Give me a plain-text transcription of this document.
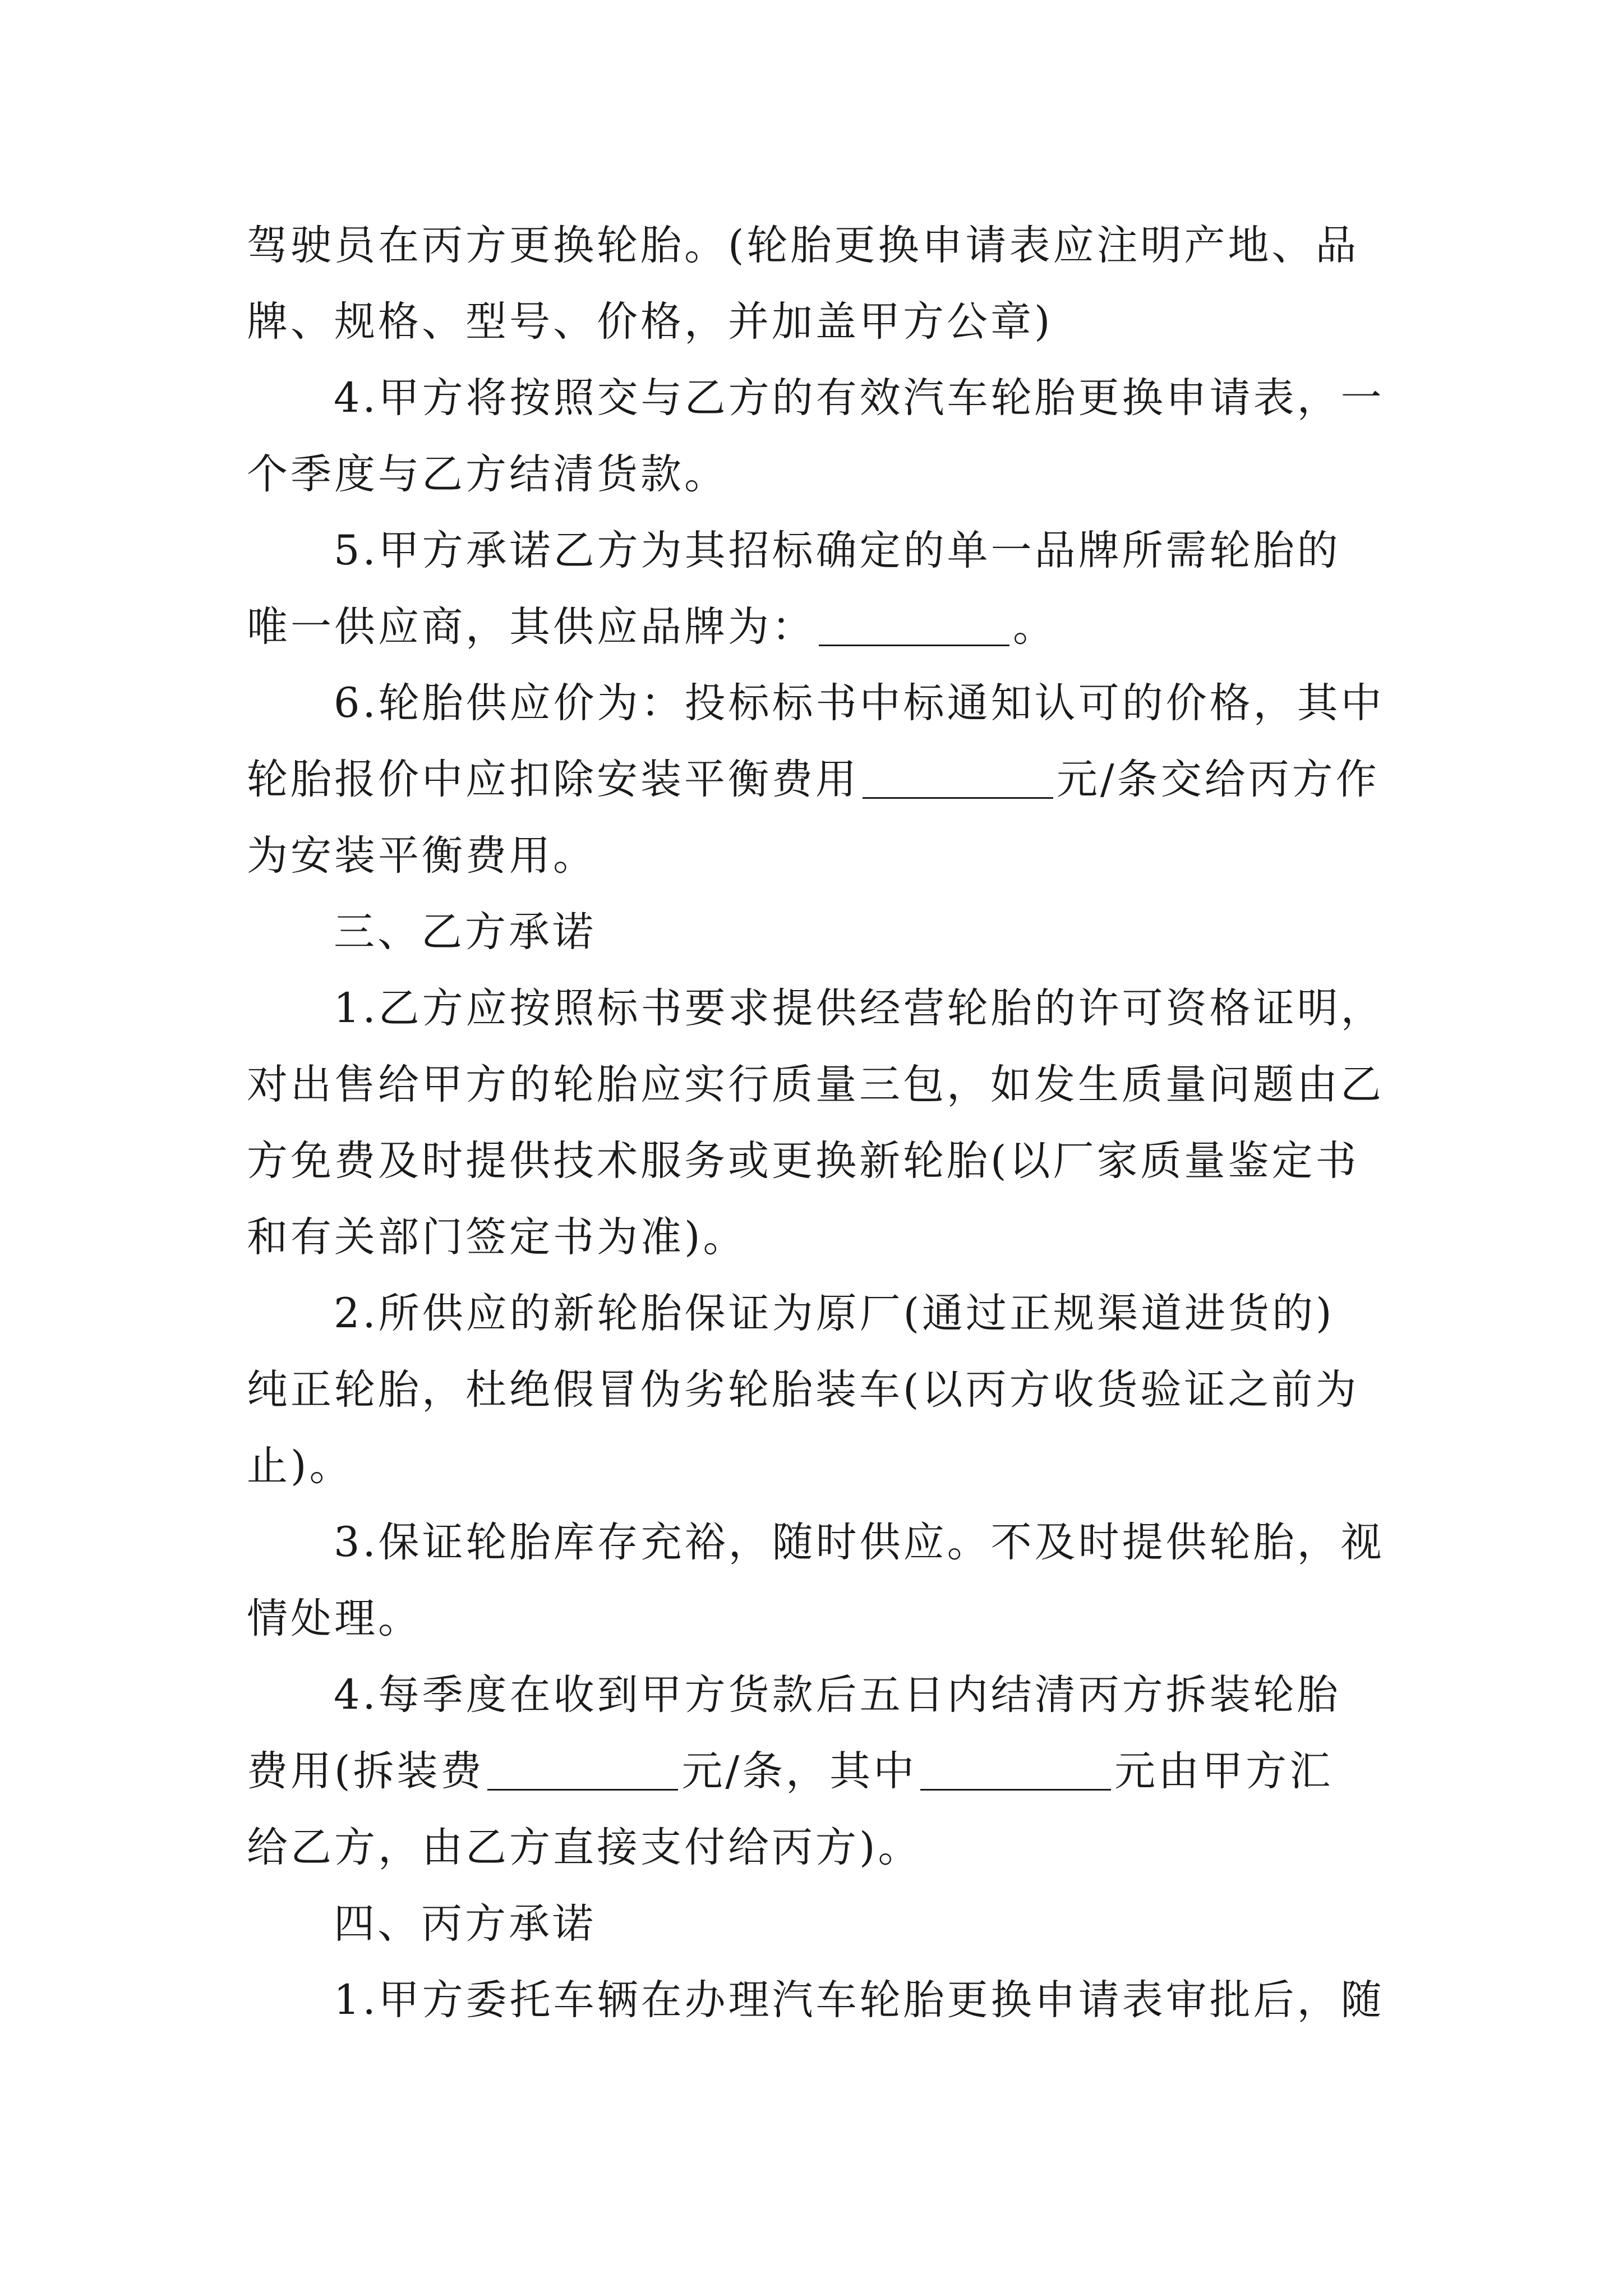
驾驶员在丙方更换轮胎。(轮胎更换申请表应注明产地、品
牌、规格、型号、价格，并加盖甲方公章)
4.甲方将按照交与乙方的有效汽车轮胎更换申请表，一
个季度与乙方结清货款。
5.甲方承诺乙方为其招标确定的单一品牌所需轮胎的
唯一供应商，其供应品牌为：	。
6.轮胎供应价为：投标标书中标通知认可的价格，其中
轮胎报价中应扣除安装平衡费用	元/条交给丙方作
为安装平衡费用。
三、乙方承诺
1.乙方应按照标书要求提供经营轮胎的许可资格证明，
对出售给甲方的轮胎应实行质量三包，如发生质量问题由乙
方免费及时提供技术服务或更换新轮胎(以厂家质量鉴定书
和有关部门签定书为准)。
2.所供应的新轮胎保证为原厂(通过正规渠道进货的)
纯正轮胎，杜绝假冒伪劣轮胎装车(以丙方收货验证之前为
止)。
3.保证轮胎库存充裕，随时供应。不及时提供轮胎，视
情处理。
4.每季度在收到甲方货款后五日内结清丙方拆装轮胎
费用(拆装费	元/条，其中	元由甲方汇
给乙方，由乙方直接支付给丙方)。
四、丙方承诺
1.甲方委托车辆在办理汽车轮胎更换申请表审批后，随
